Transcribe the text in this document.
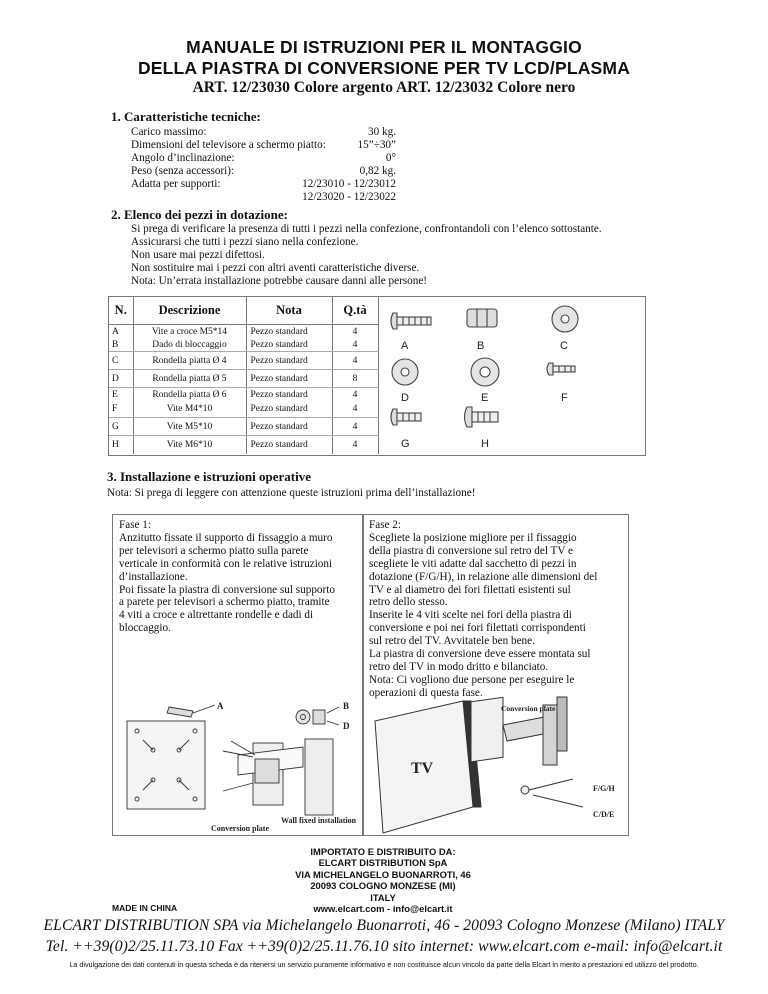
MANUALE DI ISTRUZIONI PER IL MONTAGGIO
DELLA PIASTRA DI CONVERSIONE PER TV LCD/PLASMA
ART. 12/23030 Colore argento ART. 12/23032 Colore nero
1. Caratteristiche tecniche:
Carico massimo:	30 kg.
Dimensioni del televisore a schermo piatto:	15”÷30”
Angolo d’inclinazione:	0°
Peso (senza accessori):	0,82 kg.
Adatta per supporti:	12/23010 - 12/23012
12/23020 - 12/23022
2. Elenco dei pezzi in dotazione:
Si prega di verificare la presenza di tutti i pezzi nella confezione, confrontandoli con l’elenco sottostante.
Assicurarsi che tutti i pezzi siano nella confezione.
Non usare mai pezzi difettosi.
Non sostituire mai i pezzi con altri aventi caratteristiche diverse.
Nota: Un’errata installazione potrebbe causare danni alle persone!
N.	Descrizione	Nota	Q.tà
A	Vite a croce M5*14	Pezzo standard	4
B	Dado di bloccaggio	Pezzo standard	4
C	Rondella piatta Ø 4	Pezzo standard	4
D	Rondella piatta Ø 5	Pezzo standard	8
E	Rondella piatta Ø 6	Pezzo standard	4
F	Vite M4*10	Pezzo standard	4
G	Vite M5*10	Pezzo standard	4
H	Vite M6*10	Pezzo standard	4
A	B	C
D	E	F
G	H
3. Installazione e istruzioni operative
Nota: Si prega di leggere con attenzione queste istruzioni prima dell’installazione!
Fase 1:
Anzitutto fissate il supporto di fissaggio a muro
per televisori a schermo piatto sulla parete
verticale in conformità con le relative istruzioni
d’installazione.
Poi fissate la piastra di conversione sul supporto
a parete per televisori a schermo piatto, tramite
4 viti a croce e altrettante rondelle e dadi di
bloccaggio.
A	B
D
Conversion plate
Wall fixed installation
Fase 2:
Scegliete la posizione migliore per il fissaggio
della piastra di conversione sul retro del TV e
scegliete le viti adatte dal sacchetto di pezzi in
dotazione (F/G/H), in relazione alle dimensioni del
TV e al diametro dei fori filettati esistenti sul
retro dello stesso.
Inserite le 4 viti scelte nei fori della piastra di
conversione e poi nei fori filettati corrispondenti
sul retro del TV. Avvitatele ben bene.
La piastra di conversione deve essere montata sul
retro del TV in modo dritto e bilanciato.
Nota: Ci vogliono due persone per eseguire le
operazioni di questa fase.
TV
Conversion plate
F/G/H
C/D/E
IMPORTATO E DISTRIBUITO DA:
ELCART DISTRIBUTION SpA
VIA MICHELANGELO BUONARROTI, 46
20093 COLOGNO MONZESE (MI)
ITALY
www.elcart.com - info@elcart.it
MADE IN CHINA
ELCART DISTRIBUTION SPA via Michelangelo Buonarroti, 46 - 20093 Cologno Monzese (Milano) ITALY
Tel. ++39(0)2/25.11.73.10 Fax ++39(0)2/25.11.76.10 sito internet: www.elcart.com e-mail: info@elcart.it
La divulgazione dei dati contenuti in questa scheda è da ritenersi un servizio puramente informativo e non costituisce alcun vincolo da parte della Elcart in merito a prestazioni ed utilizzo del prodotto.
